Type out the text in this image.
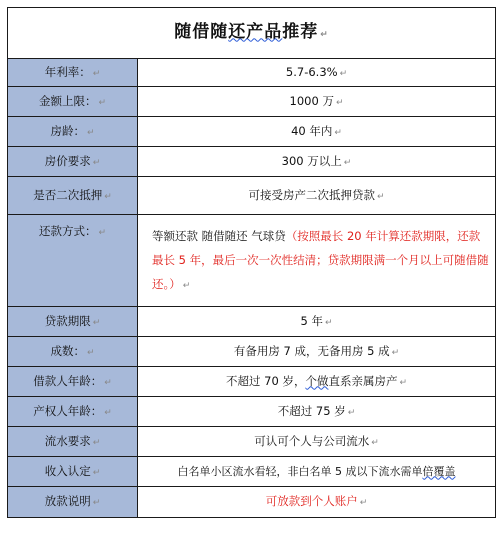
随借随还产品推荐 ↵	
年利率： ↵	5.7-6.3% ↵
金额上限： ↵	1000 万 ↵
房龄： ↵	40 年内 ↵
房价要求 ↵	300 万以上 ↵
是否二次抵押 ↵	可接受房产二次抵押贷款 ↵
还款方式： ↵	等额还款 随借随还 气球贷（按照最长 20 年计算还款期限，还款最长 5 年，最后一次一次性结清；贷款期限满一个月以上可随借随还。） ↵
贷款期限 ↵	5 年 ↵
成数： ↵	有备用房 7 成，无备用房 5 成 ↵
借款人年龄： ↵	不超过 70 岁，个做直系亲属房产 ↵
产权人年龄： ↵	不超过 75 岁 ↵
流水要求 ↵	可认可个人与公司流水 ↵
收入认定 ↵	白名单小区流水看轻，非白名单 5 成以下流水需单倍覆盖
放款说明 ↵	可放款到个人账户 ↵
